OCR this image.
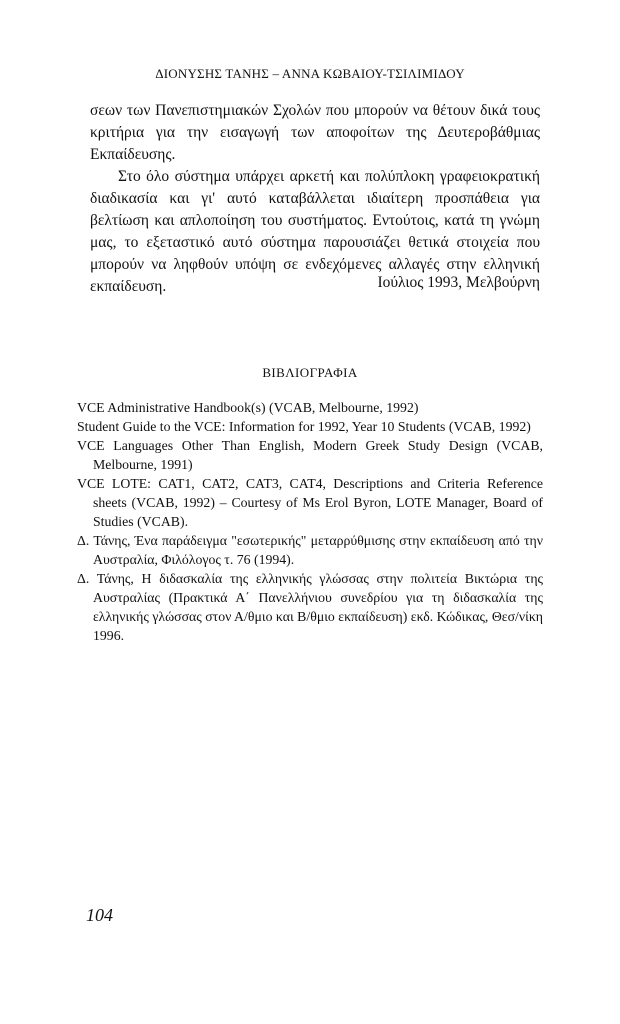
ΔΙΟΝΥΣΗΣ ΤΑΝΗΣ – ΑΝΝΑ ΚΩΒΑΙΟΥ-ΤΣΙΛΙΜΙΔΟΥ

σεων των Πανεπιστημιακών Σχολών που μπορούν να θέτουν δικά τους κριτήρια για την εισαγωγή των αποφοίτων της Δευτεροβάθμιας Εκπαίδευσης.

Στο όλο σύστημα υπάρχει αρκετή και πολύπλοκη γραφειοκρατική διαδικασία και γι' αυτό καταβάλλεται ιδιαίτερη προσπάθεια για βελτίωση και απλοποίηση του συστήματος. Εντούτοις, κατά τη γνώμη μας, το εξεταστικό αυτό σύστημα παρουσιάζει θετικά στοιχεία που μπορούν να ληφθούν υπόψη σε ενδεχόμενες αλλαγές στην ελληνική εκπαίδευση.	Ιούλιος 1993, Μελβούρνη
ΒΙΒΛΙΟΓΡΑΦΙΑ
VCE Administrative Handbook(s) (VCAB, Melbourne, 1992)
Student Guide to the VCE: Information for 1992, Year 10 Students (VCAB, 1992)
VCE Languages Other Than English, Modern Greek Study Design (VCAB, Melbourne, 1991)
VCE LOTE: CAT1, CAT2, CAT3, CAT4, Descriptions and Criteria Reference sheets (VCAB, 1992) – Courtesy of Ms Erol Byron, LOTE Manager, Board of Studies (VCAB).
Δ. Τάνης, Ένα παράδειγμα "εσωτερικής" μεταρρύθμισης στην εκπαίδευση από την Αυστραλία, Φιλόλογος τ. 76 (1994).
Δ. Τάνης, Η διδασκαλία της ελληνικής γλώσσας στην πολιτεία Βικτώρια της Αυστραλίας (Πρακτικά Α΄ Πανελλήνιου συνεδρίου για τη διδασκαλία της ελληνικής γλώσσας στον Α/θμιο και Β/θμιο εκπαίδευση) εκδ. Κώδικας, Θεσ/νίκη 1996.
104
